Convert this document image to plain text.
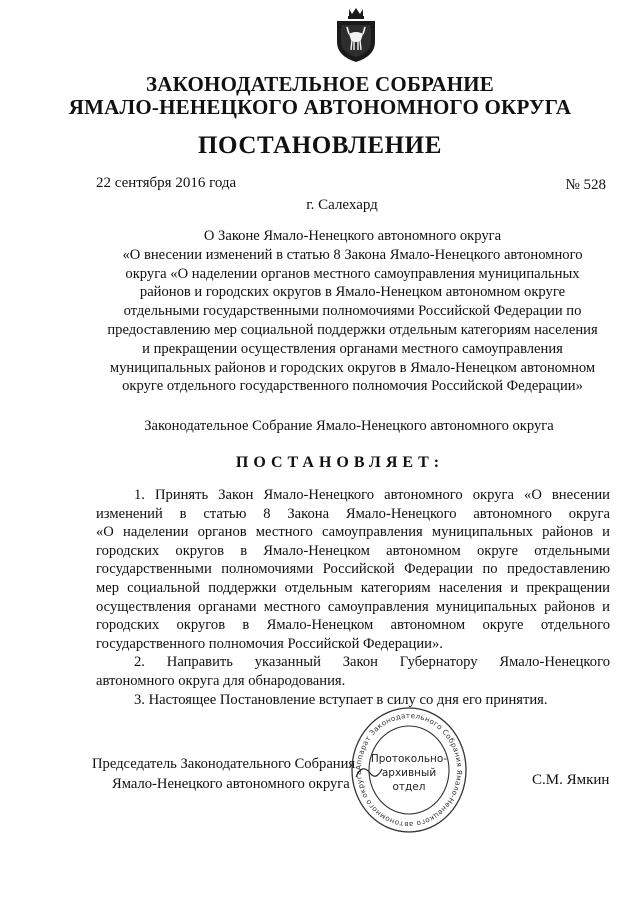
ЗАКОНОДАТЕЛЬНОЕ СОБРАНИЕ
ЯМАЛО-НЕНЕЦКОГО АВТОНОМНОГО ОКРУГА
ПОСТАНОВЛЕНИЕ
22 сентября 2016 года	№ 528
г. Салехард
О Законе Ямало-Ненецкого автономного округа
«О внесении изменений в статью 8 Закона Ямало-Ненецкого автономного
округа «О наделении органов местного самоуправления муниципальных
районов и городских округов в Ямало-Ненецком автономном округе
отдельными государственными полномочиями Российской Федерации по
предоставлению мер социальной поддержки отдельным категориям населения
и прекращении осуществления органами местного самоуправления
муниципальных районов и городских округов в Ямало-Ненецком автономном
округе отдельного государственного полномочия Российской Федерации»
Законодательное Собрание Ямало-Ненецкого автономного округа
ПОСТАНОВЛЯЕТ:
1. Принять Закон Ямало-Ненецкого автономного округа «О внесении
изменений в статью 8 Закона Ямало-Ненецкого автономного округа
«О наделении органов местного самоуправления муниципальных районов и
городских округов в Ямало-Ненецком автономном округе отдельными
государственными полномочиями Российской Федерации по предоставлению
мер социальной поддержки отдельным категориям населения и прекращении
осуществления органами местного самоуправления муниципальных районов и
городских округов в Ямало-Ненецком автономном округе отдельного
государственного полномочия Российской Федерации».
2. Направить указанный Закон Губернатору Ямало-Ненецкого
автономного округа для обнародования.
3. Настоящее Постановление вступает в силу со дня его принятия.
Председатель Законодательного Собрания
Ямало-Ненецкого автономного округа	С.М. Ямкин
Аппарат Законодательного Собрания Ямало-Ненецкого автономного округа
Протокольно-
архивный
отдел
